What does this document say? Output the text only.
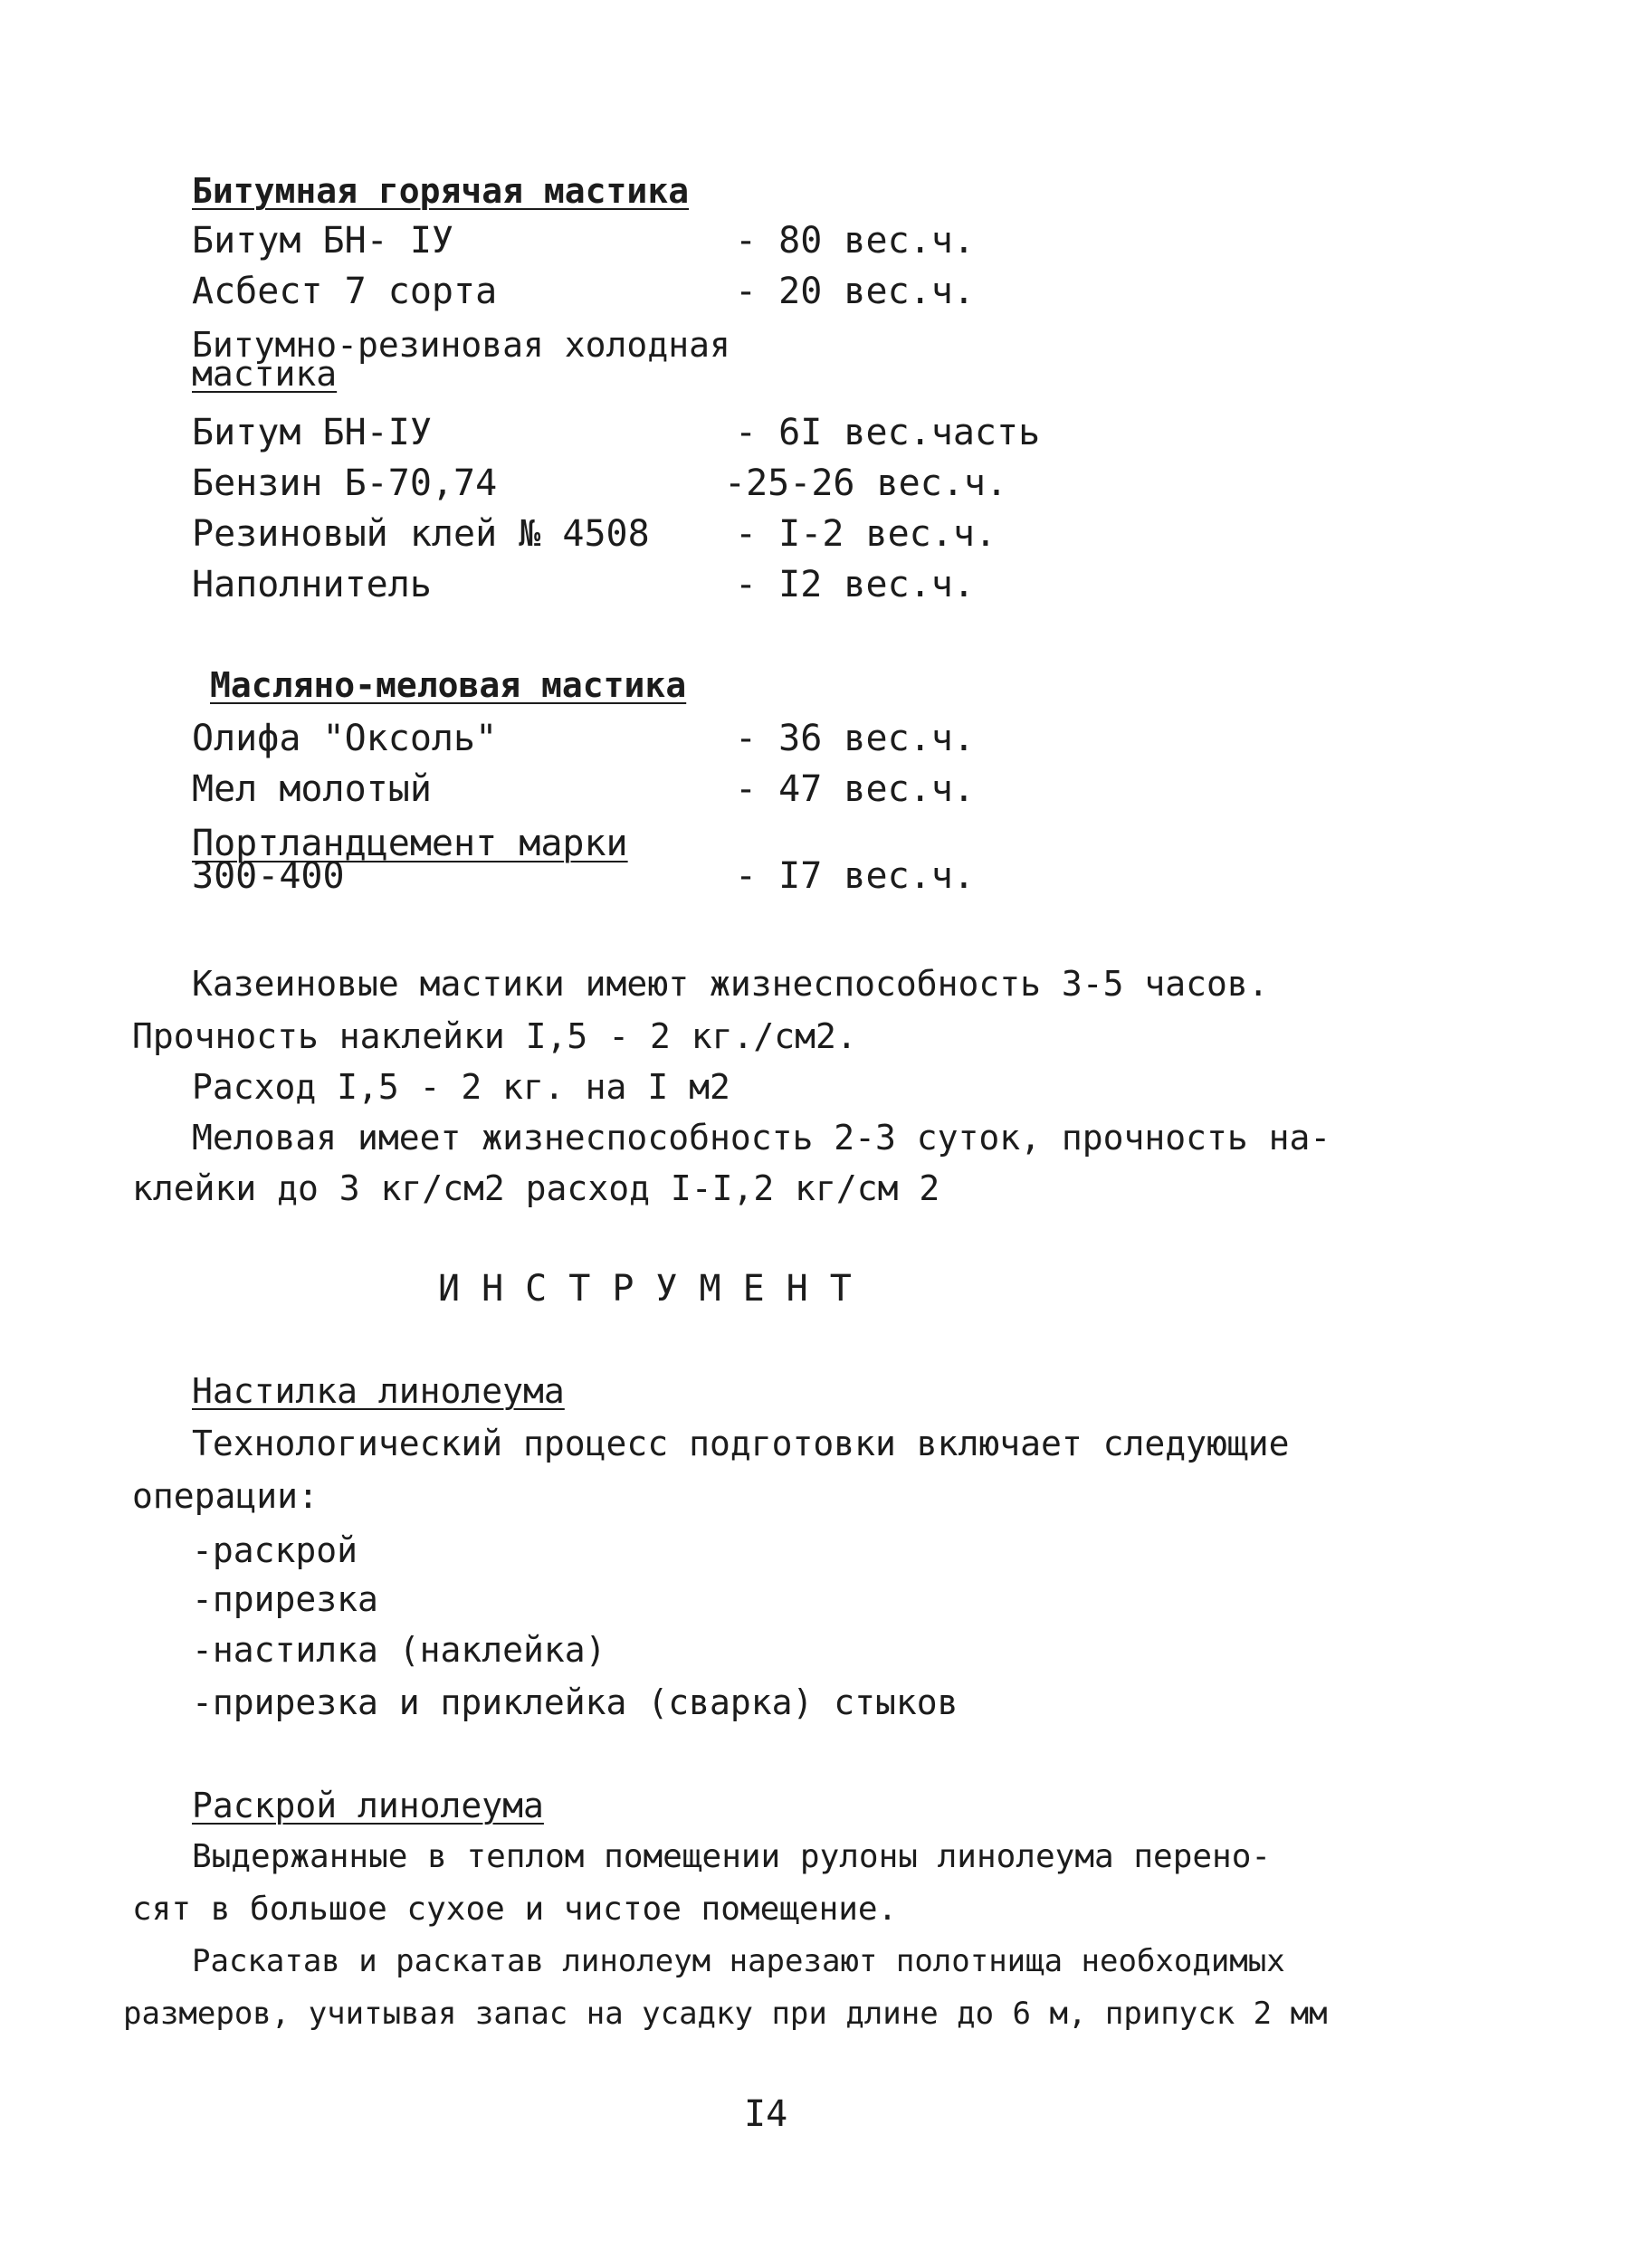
Битумная горячая мастика
Битум БН- IУ	- 80 вес.ч.
Асбест 7 сорта	- 20 вес.ч.
Битумно-резиновая холодная
мастика
Битум БН-IУ	- 6I вес.часть
Бензин Б-70,74	-25-26 вес.ч.
Резиновый клей № 4508 - I-2 вес.ч.
Наполнитель	- I2 вес.ч.
Масляно-меловая мастика
Олифа "Оксоль"	- 36 вес.ч.
Мел молотый	- 47 вес.ч.
Портландцемент марки
300-400	- I7 вес.ч.
Казеиновые мастики имеют жизнеспособность 3-5 часов.
Прочность наклейки I,5 - 2 кг./см2.
Расход I,5 - 2 кг. на I м2
Меловая имеет жизнеспособность 2-3 суток, прочность на-
клейки до 3 кг/см2 расход I-I,2 кг/см 2
ИНСТРУМЕНТ
Настилка линолеума
Технологический процесс подготовки включает следующие
операции:
-раскрой
-прирезка
-настилка (наклейка)
-прирезка и приклейка (сварка) стыков
Раскрой линолеума
Выдержанные в теплом помещении рулоны линолеума перено-
сят в большое сухое и чистое помещение.
Раскатав и раскатав линолеум нарезают полотнища необходимых
размеров, учитывая запас на усадку при длине до 6 м, припуск 2 мм
I4
